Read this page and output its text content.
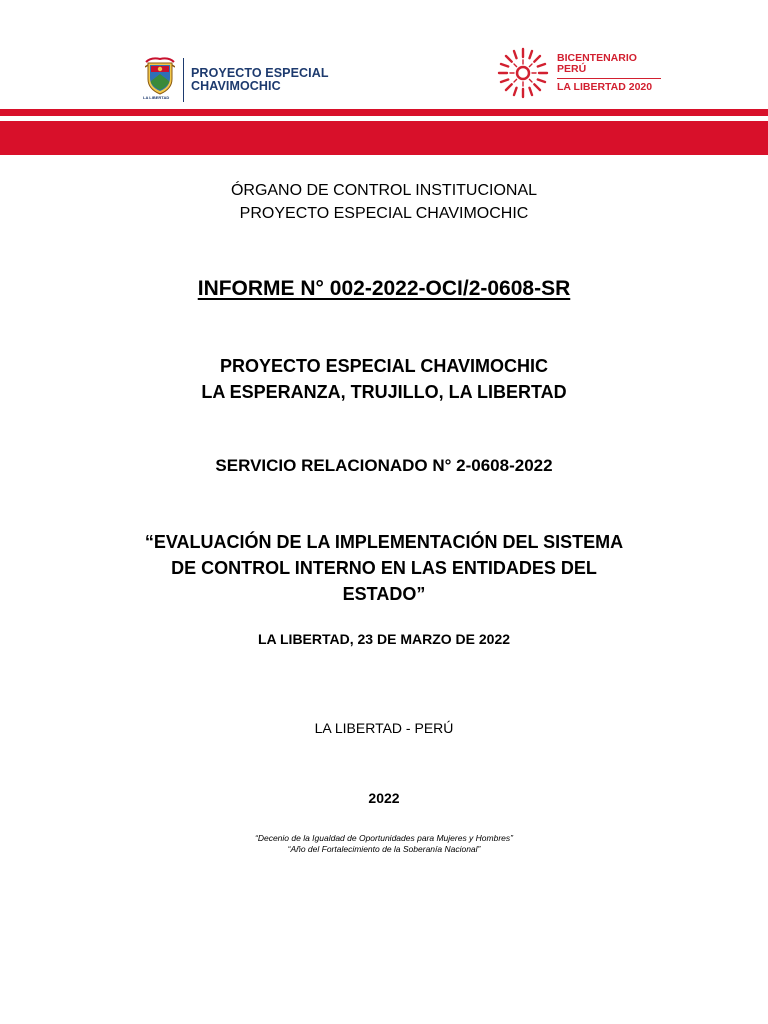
LA LIBERTAD
PROYECTO ESPECIAL
CHAVIMOCHIC
BICENTENARIO
PERÚ
LA LIBERTAD 2020
ÓRGANO DE CONTROL INSTITUCIONAL
PROYECTO ESPECIAL CHAVIMOCHIC
INFORME N° 002-2022-OCI/2-0608-SR
PROYECTO ESPECIAL CHAVIMOCHIC
LA ESPERANZA, TRUJILLO, LA LIBERTAD
SERVICIO RELACIONADO N° 2-0608-2022
“EVALUACIÓN DE LA IMPLEMENTACIÓN DEL SISTEMA
DE CONTROL INTERNO EN LAS ENTIDADES DEL
ESTADO”
LA LIBERTAD, 23 DE MARZO DE 2022
LA LIBERTAD - PERÚ
2022
“Decenio de la Igualdad de Oportunidades para Mujeres y Hombres”
“Año del Fortalecimiento de la Soberanía Nacional”
